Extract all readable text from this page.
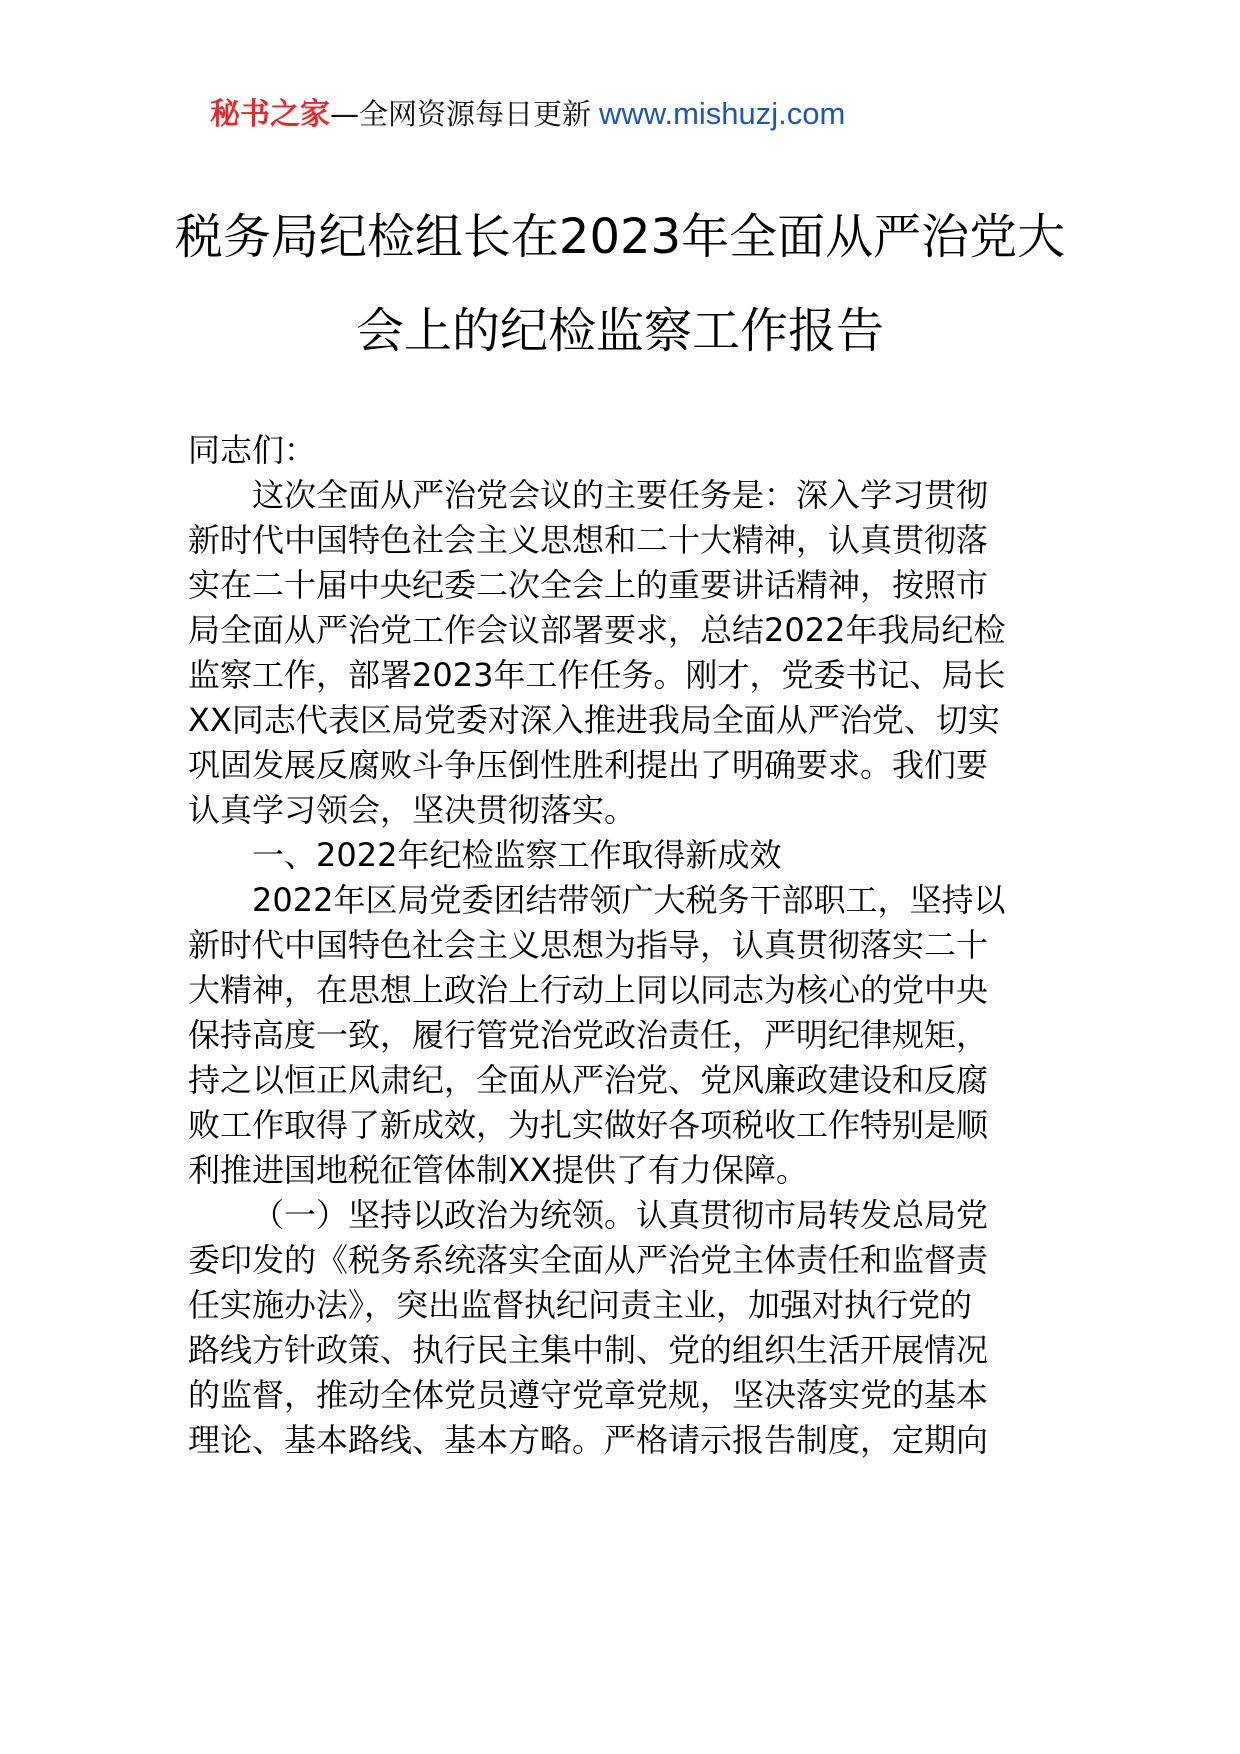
秘书之家—全网资源每日更新 www.mishuzj.com
税务局纪检组长在2023年全面从严治党大
会上的纪检监察工作报告

同志们：

这次全面从严治党会议的主要任务是：深入学习贯彻

新时代中国特色社会主义思想和二十大精神，认真贯彻落

实在二十届中央纪委二次全会上的重要讲话精神，按照市

局全面从严治党工作会议部署要求，总结2022年我局纪检

监察工作，部署2023年工作任务。刚才，党委书记、局长

XX同志代表区局党委对深入推进我局全面从严治党、切实

巩固发展反腐败斗争压倒性胜利提出了明确要求。我们要

认真学习领会，坚决贯彻落实。

一、2022年纪检监察工作取得新成效

2022年区局党委团结带领广大税务干部职工，坚持以

新时代中国特色社会主义思想为指导，认真贯彻落实二十

大精神，在思想上政治上行动上同以同志为核心的党中央

保持高度一致，履行管党治党政治责任，严明纪律规矩，

持之以恒正风肃纪，全面从严治党、党风廉政建设和反腐

败工作取得了新成效，为扎实做好各项税收工作特别是顺

利推进国地税征管体制XX提供了有力保障。

（一）坚持以政治为统领。认真贯彻市局转发总局党

委印发的《税务系统落实全面从严治党主体责任和监督责

任实施办法》，突出监督执纪问责主业，加强对执行党的

路线方针政策、执行民主集中制、党的组织生活开展情况

的监督，推动全体党员遵守党章党规，坚决落实党的基本

理论、基本路线、基本方略。严格请示报告制度，定期向
